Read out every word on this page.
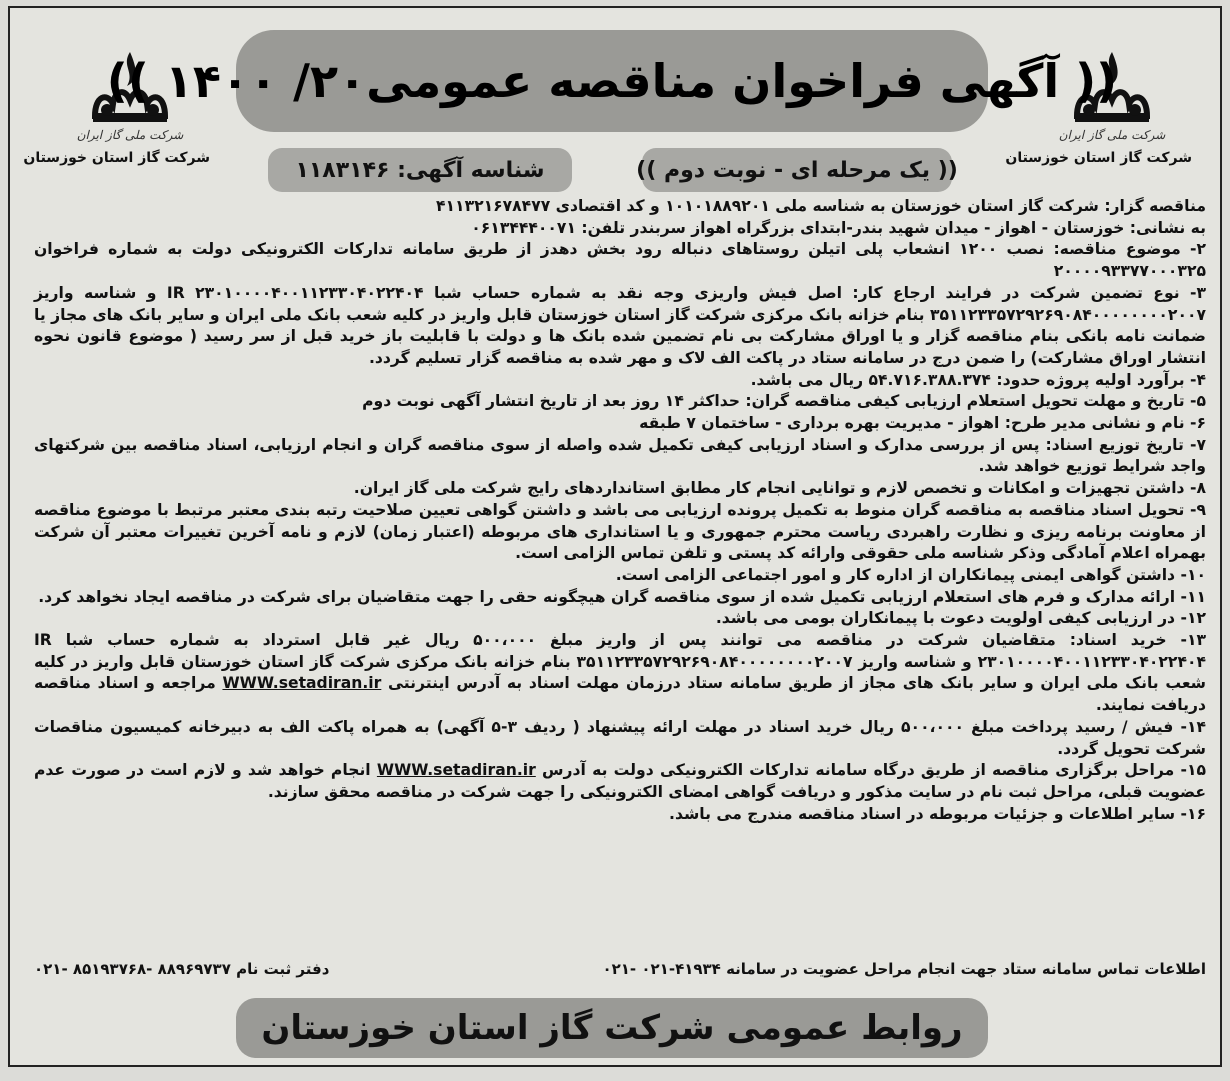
شرکت ملی گاز ایران
شرکت گاز استان خوزستان
شرکت ملی گاز ایران
شرکت گاز استان خوزستان
(( آگهی فراخوان مناقصه عمومی۲۰/ ۱۴۰۰ ))
(( یک مرحله ای - نوبت دوم ))
شناسه آگهی: ۱۱۸۳۱۴۶

مناقصه گزار: شرکت گاز استان خوزستان به شناسه ملی ۱۰۱۰۱۸۸۹۲۰۱ و کد اقتصادی ۴۱۱۳۲۱۶۷۸۴۷۷

به نشانی: خوزستان - اهواز - میدان شهید بندر-ابتدای بزرگراه اهواز سربندر تلفن: ۰۶۱۳۴۴۴۰۰۷۱

۲- موضوع مناقصه: نصب ۱۲۰۰ انشعاب پلی اتیلن روستاهای دنباله رود بخش دهدز از طریق سامانه تدارکات الکترونیکی دولت به شماره فراخوان ۲۰۰۰۰۹۳۳۷۷۰۰۰۳۲۵

۳- نوع تضمین شرکت در فرایند ارجاع کار: اصل فیش واریزی وجه نقد به شماره حساب شبا IR ۲۳۰۱۰۰۰۰۴۰۰۱۱۲۳۳۰۴۰۲۲۴۰۴ و شناسه واریز ۳۵۱۱۲۳۳۵۷۲۹۲۶۹۰۸۴۰۰۰۰۰۰۰۰۲۰۰۷ بنام خزانه بانک مرکزی شرکت گاز استان خوزستان قابل واریز در کلیه شعب بانک ملی ایران و سایر بانک های مجاز یا ضمانت نامه بانکی بنام مناقصه گزار و یا اوراق مشارکت بی نام تضمین شده بانک ها و دولت با قابلیت باز خرید قبل از سر رسید ( موضوع قانون نحوه انتشار اوراق مشارکت) را ضمن درج در سامانه ستاد در پاکت الف لاک و مهر شده به مناقصه گزار تسلیم گردد.

۴- برآورد اولیه پروژه حدود: ۵۴.۷۱۶.۳۸۸.۳۷۴ ریال می باشد.

۵- تاریخ و مهلت تحویل استعلام ارزیابی کیفی مناقصه گران: حداکثر ۱۴ روز بعد از تاریخ انتشار آگهی نوبت دوم

۶- نام و نشانی مدیر طرح: اهواز - مدیریت بهره برداری - ساختمان ۷ طبقه

۷- تاریخ توزیع اسناد: پس از بررسی مدارک و اسناد ارزیابی کیفی تکمیل شده واصله از سوی مناقصه گران و انجام ارزیابی، اسناد مناقصه بین شرکتهای واجد شرایط توزیع خواهد شد.

۸- داشتن تجهیزات و امکانات و تخصص لازم و توانایی انجام کار مطابق استانداردهای رایج شرکت ملی گاز ایران.

۹- تحویل اسناد مناقصه به مناقصه گران منوط به تکمیل پرونده ارزیابی می باشد و داشتن گواهی تعیین صلاحیت رتبه بندی معتبر مرتبط با موضوع مناقصه از معاونت برنامه ریزی و نظارت راهبردی ریاست محترم جمهوری و یا استانداری های مربوطه (اعتبار زمان) لازم و نامه آخرین تغییرات معتبر آن شرکت بهمراه اعلام آمادگی وذکر شناسه ملی حقوقی وارائه کد پستی و تلفن تماس الزامی است.

۱۰- داشتن گواهی ایمنی پیمانکاران از اداره کار و امور اجتماعی الزامی است.

۱۱- ارائه مدارک و فرم های استعلام ارزیابی تکمیل شده از سوی مناقصه گران هیچگونه حقی را جهت متقاضیان برای شرکت در مناقصه ایجاد نخواهد کرد.

۱۲- در ارزیابی کیفی اولویت دعوت با پیمانکاران بومی می باشد.

۱۳- خرید اسناد: متقاضیان شرکت در مناقصه می توانند پس از واریز مبلغ ۵۰۰،۰۰۰ ریال غیر قابل استرداد به شماره حساب شبا IR ۲۳۰۱۰۰۰۰۴۰۰۱۱۲۳۳۰۴۰۲۲۴۰۴ و شناسه واریز ۳۵۱۱۲۳۳۵۷۲۹۲۶۹۰۸۴۰۰۰۰۰۰۰۰۲۰۰۷ بنام خزانه بانک مرکزی شرکت گاز استان خوزستان قابل واریز در کلیه شعب بانک ملی ایران و سایر بانک های مجاز از طریق سامانه ستاد درزمان مهلت اسناد به آدرس اینترنتی WWW.setadiran.ir مراجعه و اسناد مناقصه دریافت نمایند.

۱۴- فیش / رسید پرداخت مبلغ ۵۰۰،۰۰۰ ریال خرید اسناد در مهلت ارائه پیشنهاد ( ردیف ۳-۵ آگهی) به همراه پاکت الف به دبیرخانه کمیسیون مناقصات شرکت تحویل گردد.

۱۵- مراحل برگزاری مناقصه از طریق درگاه سامانه تدارکات الکترونیکی دولت به آدرس WWW.setadiran.ir انجام خواهد شد و لازم است در صورت عدم عضویت قبلی، مراحل ثبت نام در سایت مذکور و دریافت گواهی امضای الکترونیکی را جهت شرکت در مناقصه محقق سازند.

۱۶- سایر اطلاعات و جزئیات مربوطه در اسناد مناقصه مندرج می باشد.

اطلاعات تماس سامانه ستاد جهت انجام مراحل عضویت در سامانه ۴۱۹۳۴-۰۲۱ -۰۲۱
دفتر ثبت نام ۸۸۹۶۹۷۳۷ -۸۵۱۹۳۷۶۸ -۰۲۱
روابط عمومی شرکت گاز استان خوزستان
